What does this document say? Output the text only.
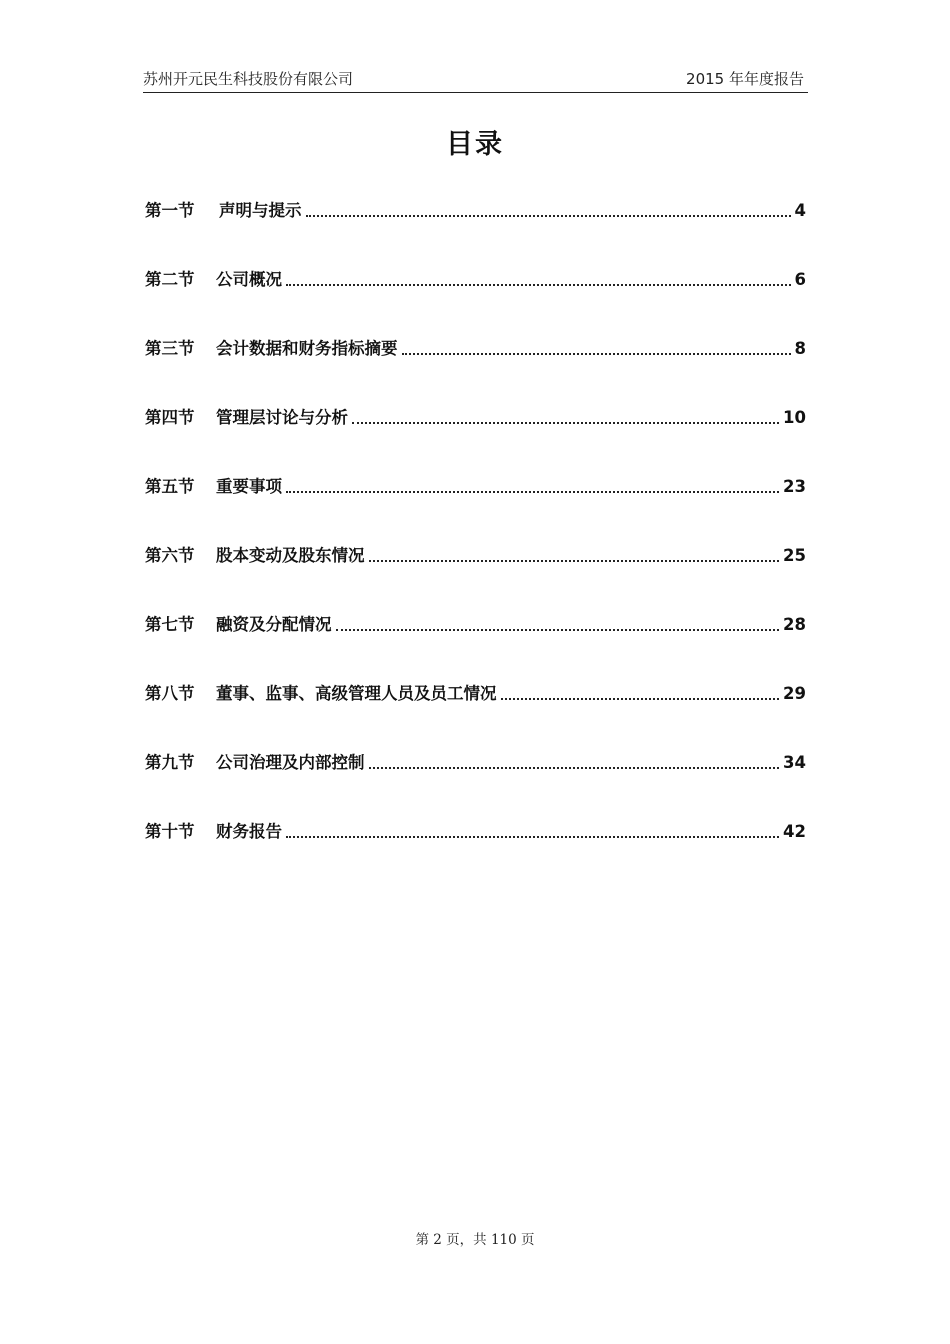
苏州开元民生科技股份有限公司	2015 年年度报告
目录
第一节	声明与提示	4
第二节	公司概况	6
第三节	会计数据和财务指标摘要	8
第四节	管理层讨论与分析	10
第五节	重要事项	23
第六节	股本变动及股东情况	25
第七节	融资及分配情况	28
第八节	董事、监事、高级管理人员及员工情况	29
第九节	公司治理及内部控制	34
第十节	财务报告	42
第 2 页，共 110 页
